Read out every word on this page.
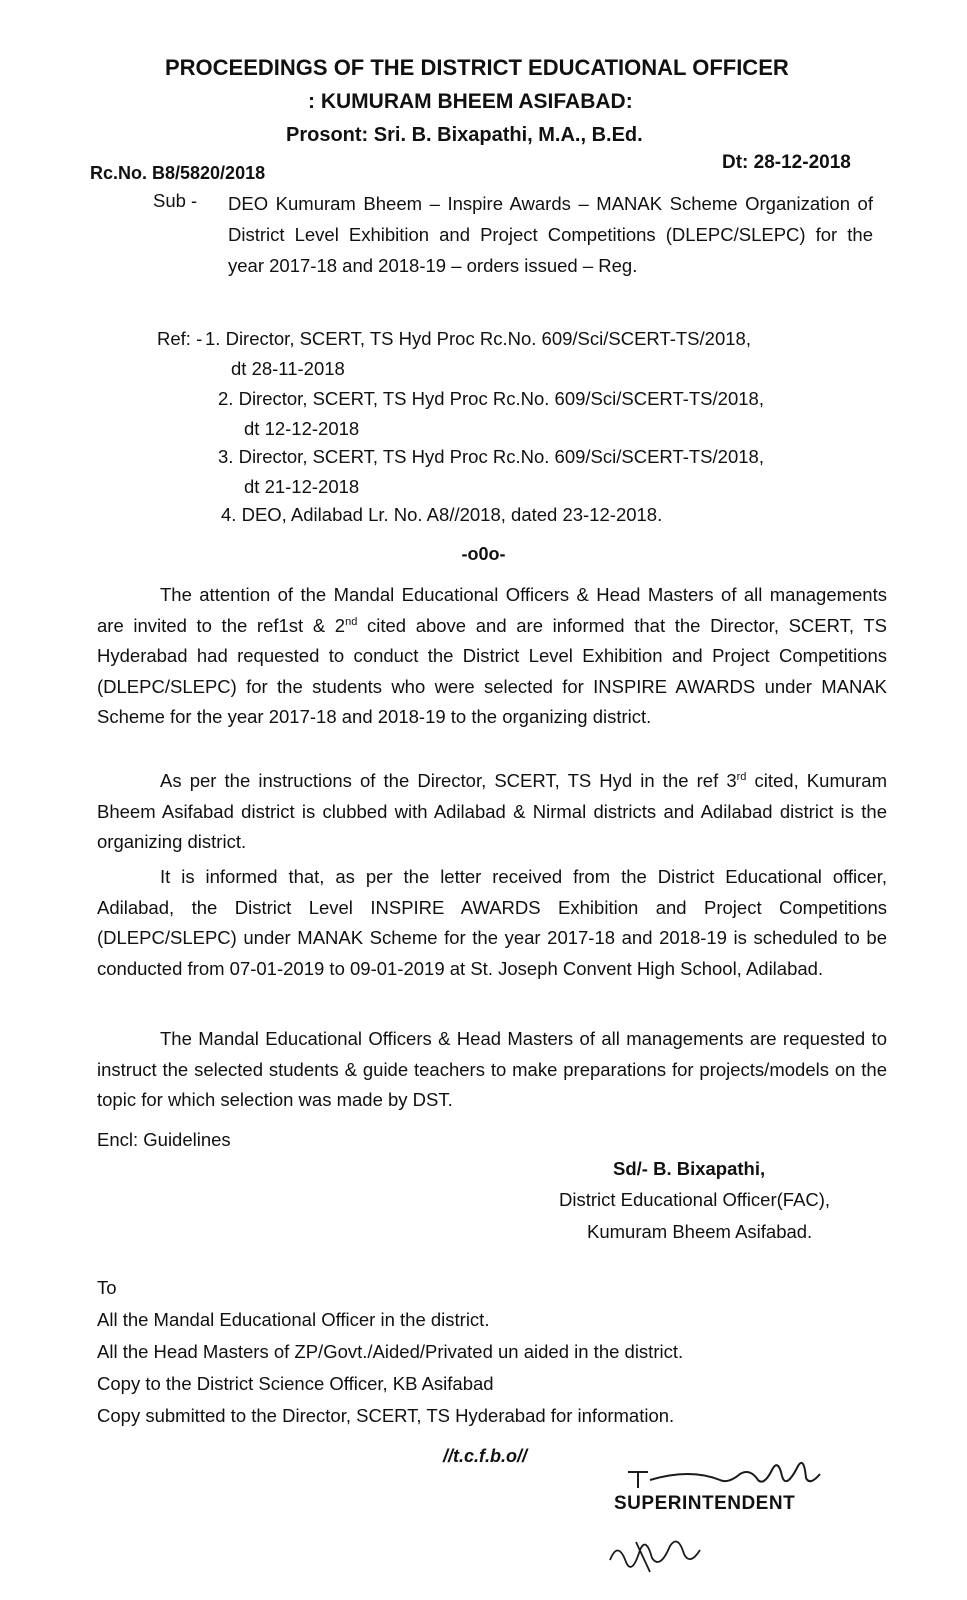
PROCEEDINGS OF THE DISTRICT EDUCATIONAL OFFICER
: KUMURAM BHEEM ASIFABAD:
Prosont: Sri. B. Bixapathi, M.A., B.Ed.
Rc.No. B8/5820/2018	Dt: 28-12-2018
Sub - DEO Kumuram Bheem – Inspire Awards – MANAK Scheme Organization of District Level Exhibition and Project Competitions (DLEPC/SLEPC) for the year 2017-18 and 2018-19 – orders issued – Reg.
Ref: - 1. Director, SCERT, TS Hyd Proc Rc.No. 609/Sci/SCERT-TS/2018,
dt 28-11-2018
2. Director, SCERT, TS Hyd Proc Rc.No. 609/Sci/SCERT-TS/2018,
dt 12-12-2018
3. Director, SCERT, TS Hyd Proc Rc.No. 609/Sci/SCERT-TS/2018,
dt 21-12-2018
4. DEO, Adilabad Lr. No. A8//2018, dated 23-12-2018.
-o0o-
The attention of the Mandal Educational Officers & Head Masters of all managements are invited to the ref1st & 2nd cited above and are informed that the Director, SCERT, TS Hyderabad had requested to conduct the District Level Exhibition and Project Competitions (DLEPC/SLEPC) for the students who were selected for INSPIRE AWARDS under MANAK Scheme for the year 2017-18 and 2018-19 to the organizing district.
As per the instructions of the Director, SCERT, TS Hyd in the ref 3rd cited, Kumuram Bheem Asifabad district is clubbed with Adilabad & Nirmal districts and Adilabad district is the organizing district.
It is informed that, as per the letter received from the District Educational officer, Adilabad, the District Level INSPIRE AWARDS Exhibition and Project Competitions (DLEPC/SLEPC) under MANAK Scheme for the year 2017-18 and 2018-19 is scheduled to be conducted from 07-01-2019 to 09-01-2019 at St. Joseph Convent High School, Adilabad.
The Mandal Educational Officers & Head Masters of all managements are requested to instruct the selected students & guide teachers to make preparations for projects/models on the topic for which selection was made by DST.
Encl: Guidelines
Sd/- B. Bixapathi,
District Educational Officer(FAC),
Kumuram Bheem Asifabad.
To
All the Mandal Educational Officer in the district.
All the Head Masters of ZP/Govt./Aided/Privated un aided in the district.
Copy to the District Science Officer, KB Asifabad
Copy submitted to the Director, SCERT, TS Hyderabad for information.
//t.c.f.b.o//
SUPERINTENDENT
